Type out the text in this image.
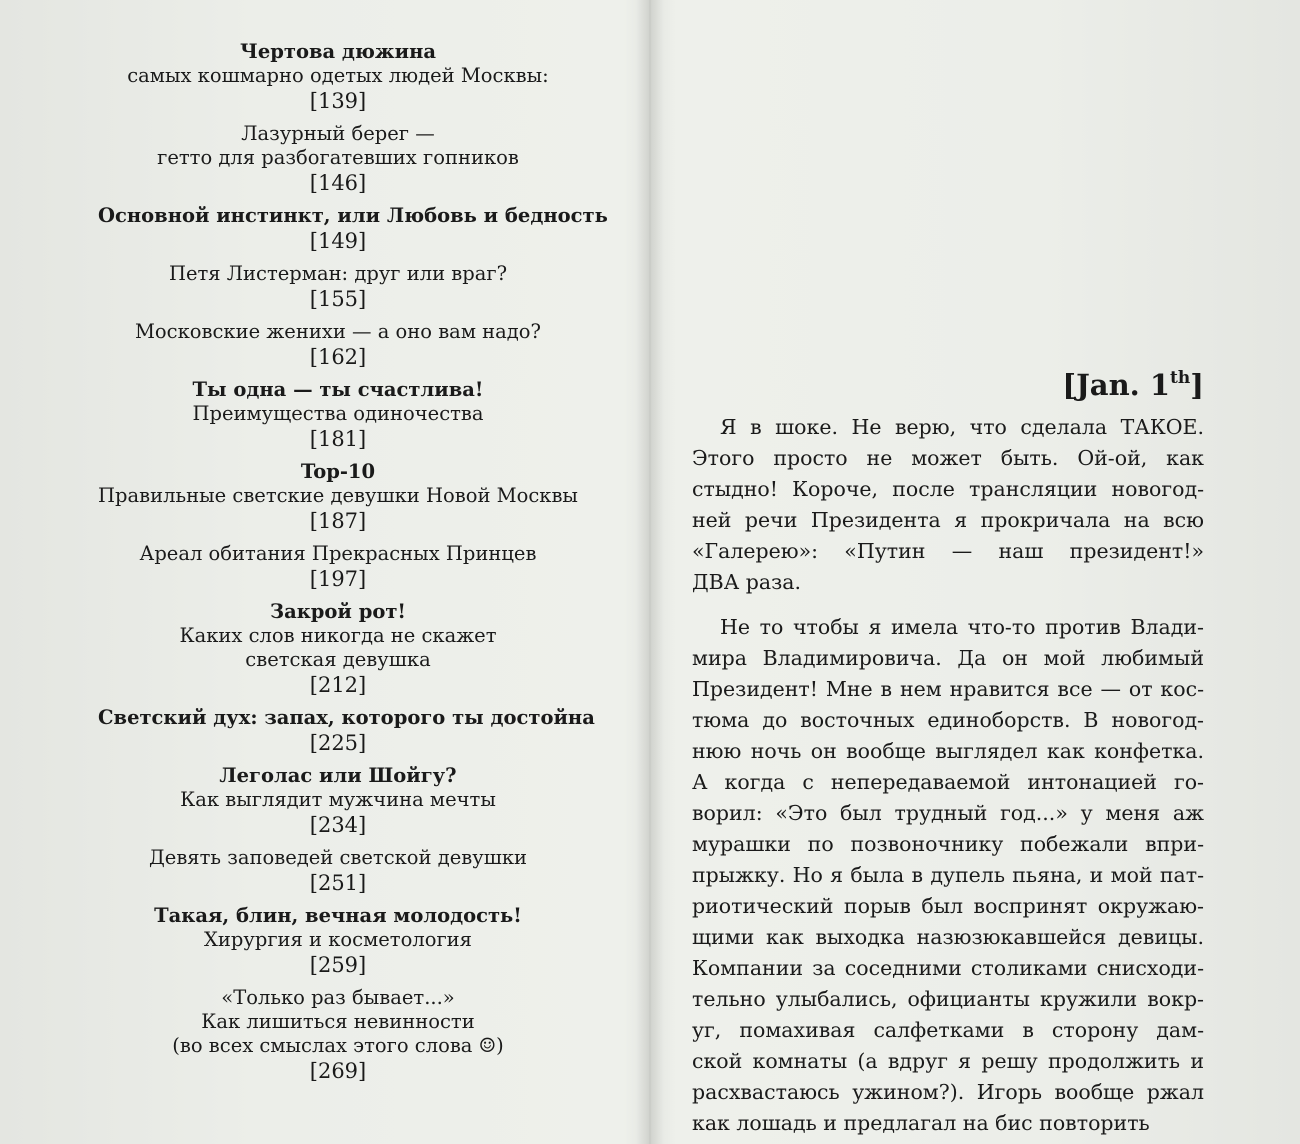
Чертова дюжина
самых кошмарно одетых людей Москвы:
[139]
Лазурный берег —
гетто для разбогатевших гопников
[146]
Основной инстинкт, или Любовь и бедность
[149]
Петя Листерман: друг или враг?
[155]
Московские женихи — а оно вам надо?
[162]
Ты одна — ты счастлива!
Преимущества одиночества
[181]
Top-10
Правильные светские девушки Новой Москвы
[187]
Ареал обитания Прекрасных Принцев
[197]
Закрой рот!
Каких слов никогда не скажет
светская девушка
[212]
Светский дух: запах, которого ты достойна
[225]
Леголас или Шойгу?
Как выглядит мужчина мечты
[234]
Девять заповедей светской девушки
[251]
Такая, блин, вечная молодость!
Хирургия и косметология
[259]
«Только раз бывает...»
Как лишиться невинности
(во всех смыслах этого слова ☺)
[269]
[Jan. 1th]
Я в шоке. Не верю, что сделала ТАКОЕ.
Этого просто не может быть. Ой-ой, как
стыдно! Короче, после трансляции новогод-
ней речи Президента я прокричала на всю
«Галерею»: «Путин — наш президент!»
ДВА раза.
Не то чтобы я имела что-то против Влади-
мира Владимировича. Да он мой любимый
Президент! Мне в нем нравится все — от кос-
тюма до восточных единоборств. В новогод-
нюю ночь он вообще выглядел как конфетка.
А когда с непередаваемой интонацией го-
ворил: «Это был трудный год...» у меня аж
мурашки по позвоночнику побежали впри-
прыжку. Но я была в дупель пьяна, и мой пат-
риотический порыв был воспринят окружаю-
щими как выходка назюзюкавшейся девицы.
Компании за соседними столиками снисходи-
тельно улыбались, официанты кружили вокр-
уг, помахивая салфетками в сторону дам-
ской комнаты (а вдруг я решу продолжить и
расхвастаюсь ужином?). Игорь вообще ржал
как лошадь и предлагал на бис повторить
